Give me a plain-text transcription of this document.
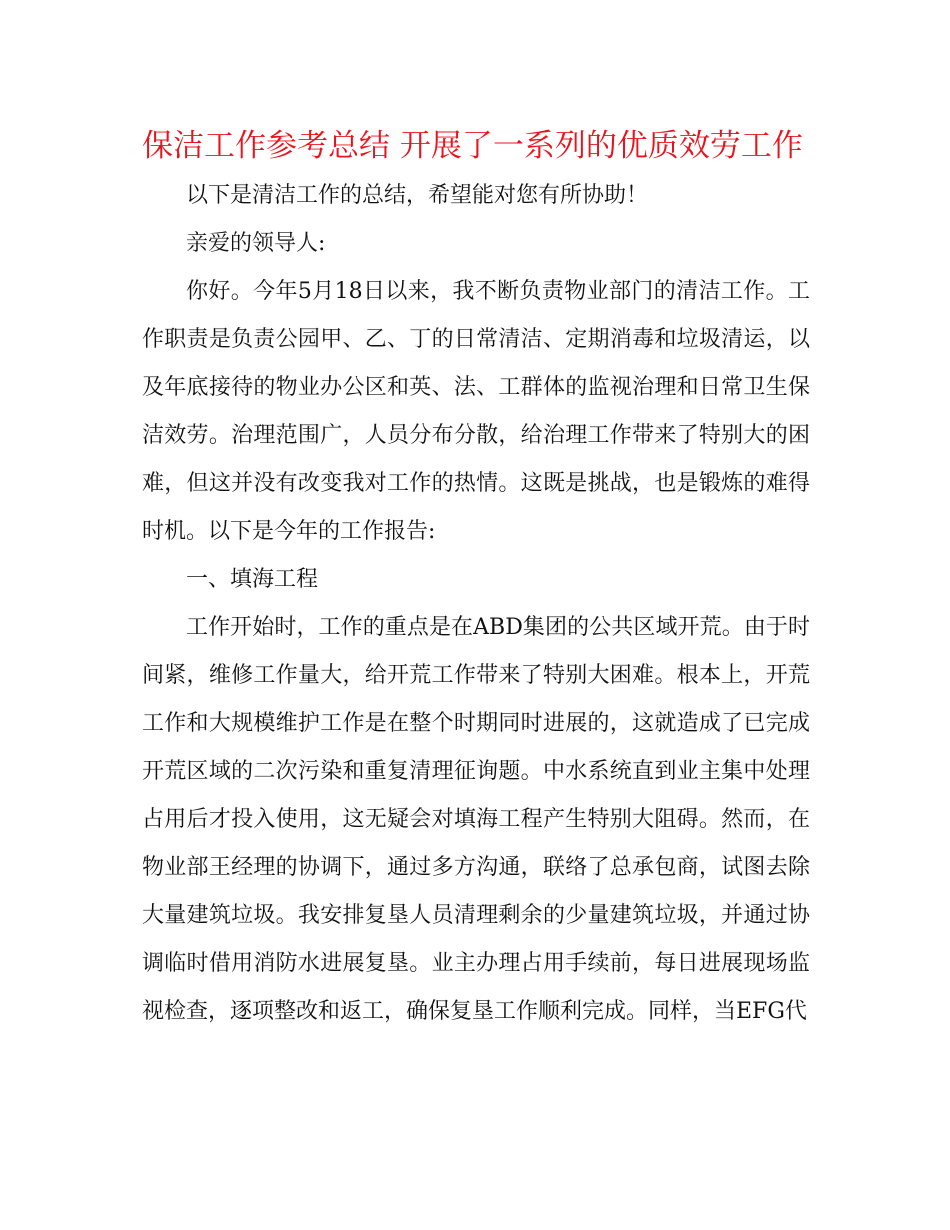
保洁工作参考总结 开展了一系列的优质效劳工作

以下是清洁工作的总结，希望能对您有所协助！

亲爱的领导人:

你好。今年5月18日以来，我不断负责物业部门的清洁工作。工作职责是负责公园甲、乙、丁的日常清洁、定期消毒和垃圾清运，以及年底接待的物业办公区和英、法、工群体的监视治理和日常卫生保洁效劳。治理范围广，人员分布分散，给治理工作带来了特别大的困难，但这并没有改变我对工作的热情。这既是挑战，也是锻炼的难得时机。以下是今年的工作报告:

一、填海工程

工作开始时，工作的重点是在ABD集团的公共区域开荒。由于时间紧，维修工作量大，给开荒工作带来了特别大困难。根本上，开荒工作和大规模维护工作是在整个时期同时进展的，这就造成了已完成开荒区域的二次污染和重复清理征询题。中水系统直到业主集中处理占用后才投入使用，这无疑会对填海工程产生特别大阻碍。然而，在物业部王经理的协调下，通过多方沟通，联络了总承包商，试图去除大量建筑垃圾。我安排复垦人员清理剩余的少量建筑垃圾，并通过协调临时借用消防水进展复垦。业主办理占用手续前，每日进展现场监视检查，逐项整改和返工，确保复垦工作顺利完成。同样，当EFG代
